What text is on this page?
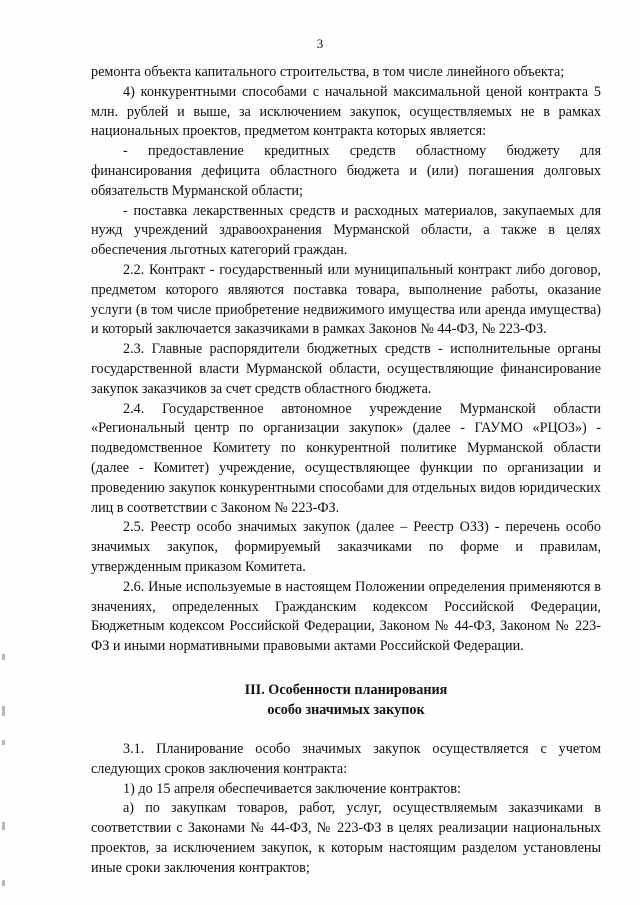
3

ремонта объекта капитального строительства, в том числе линейного объекта;

4) конкурентными способами с начальной максимальной ценой контракта 5 млн. рублей и выше, за исключением закупок, осуществляемых не в рамках национальных проектов, предметом контракта которых является:

- предоставление кредитных средств областному бюджету для финансирования дефицита областного бюджета и (или) погашения долговых обязательств Мурманской области;

- поставка лекарственных средств и расходных материалов, закупаемых для нужд учреждений здравоохранения Мурманской области, а также в целях обеспечения льготных категорий граждан.

2.2. Контракт - государственный или муниципальный контракт либо договор, предметом которого являются поставка товара, выполнение работы, оказание услуги (в том числе приобретение недвижимого имущества или аренда имущества) и который заключается заказчиками в рамках Законов № 44-ФЗ, № 223-ФЗ.

2.3. Главные распорядители бюджетных средств - исполнительные органы государственной власти Мурманской области, осуществляющие финансирование закупок заказчиков за счет средств областного бюджета.

2.4. Государственное автономное учреждение Мурманской области «Региональный центр по организации закупок» (далее - ГАУМО «РЦОЗ») - подведомственное Комитету по конкурентной политике Мурманской области (далее - Комитет) учреждение, осуществляющее функции по организации и проведению закупок конкурентными способами для отдельных видов юридических лиц в соответствии с Законом № 223-ФЗ.

2.5. Реестр особо значимых закупок (далее – Реестр ОЗЗ) - перечень особо значимых закупок, формируемый заказчиками по форме и правилам, утвержденным приказом Комитета.

2.6. Иные используемые в настоящем Положении определения применяются в значениях, определенных Гражданским кодексом Российской Федерации, Бюджетным кодексом Российской Федерации, Законом № 44-ФЗ, Законом № 223-ФЗ и иными нормативными правовыми актами Российской Федерации.

III. Особенности планирования
особо значимых закупок

3.1. Планирование особо значимых закупок осуществляется с учетом следующих сроков заключения контракта:

1) до 15 апреля обеспечивается заключение контрактов:

а) по закупкам товаров, работ, услуг, осуществляемым заказчиками в соответствии с Законами № 44-ФЗ, № 223-ФЗ в целях реализации национальных проектов, за исключением закупок, к которым настоящим разделом установлены иные сроки заключения контрактов;
